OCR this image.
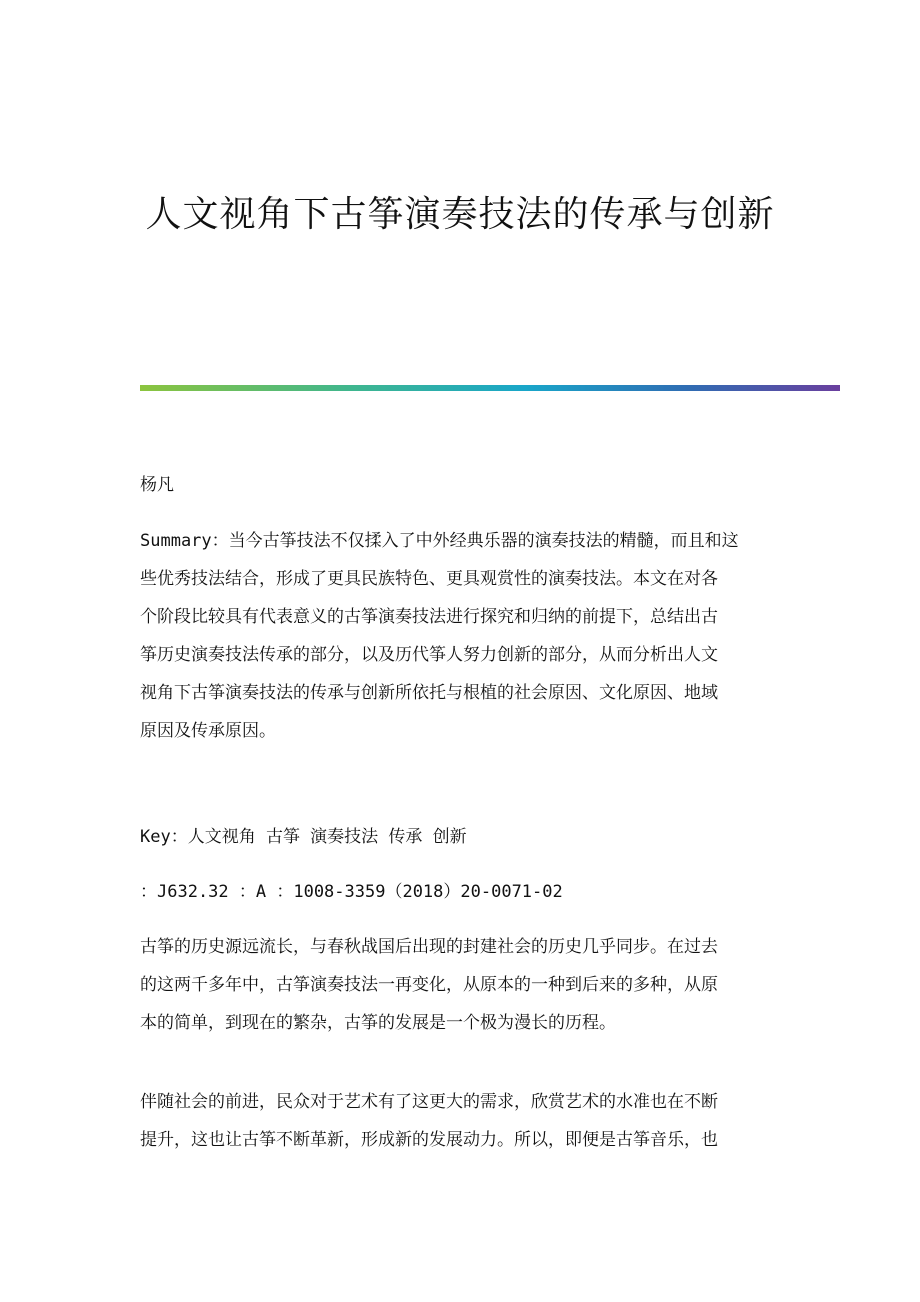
人文视角下古筝演奏技法的传承与创新
杨凡
Summary：当今古筝技法不仅揉入了中外经典乐器的演奏技法的精髓，而且和这
些优秀技法结合，形成了更具民族特色、更具观赏性的演奏技法。本文在对各
个阶段比较具有代表意义的古筝演奏技法进行探究和归纳的前提下，总结出古
筝历史演奏技法传承的部分，以及历代筝人努力创新的部分，从而分析出人文
视角下古筝演奏技法的传承与创新所依托与根植的社会原因、文化原因、地域
原因及传承原因。
Key：人文视角 古筝 演奏技法 传承 创新
：J632.32 ：A ：1008-3359（2018）20-0071-02
古筝的历史源远流长，与春秋战国后出现的封建社会的历史几乎同步。在过去
的这两千多年中，古筝演奏技法一再变化，从原本的一种到后来的多种，从原
本的简单，到现在的繁杂，古筝的发展是一个极为漫长的历程。
伴随社会的前进，民众对于艺术有了这更大的需求，欣赏艺术的水准也在不断
提升，这也让古筝不断革新，形成新的发展动力。所以，即便是古筝音乐，也
